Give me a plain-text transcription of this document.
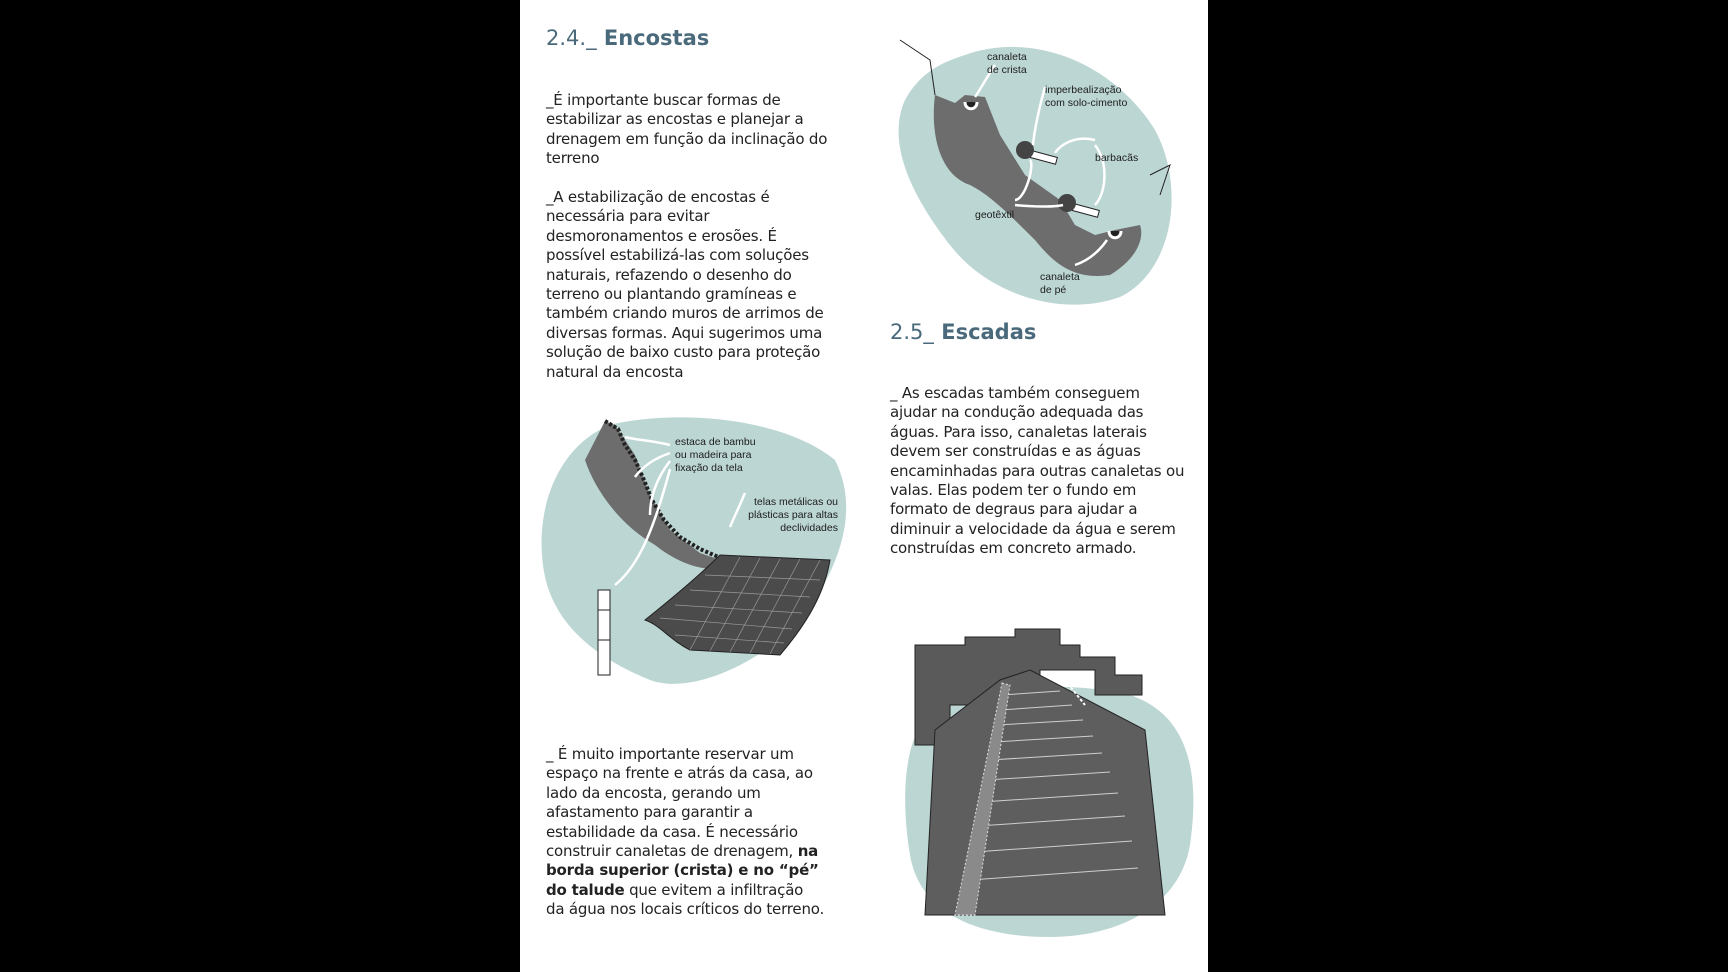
2.4._ Encostas

_É importante buscar formas de estabilizar as encostas e planejar a drenagem em função da inclinação do terreno

_A estabilização de encostas é necessária para evitar desmoronamentos e erosões. É possível estabilizá-las com soluções naturais, refazendo o desenho do terreno ou plantando gramíneas e também criando muros de arrimos de diversas formas. Aqui sugerimos uma solução de baixo custo para proteção natural da encosta

estaca de bambu
ou madeira para
fixação da tela
telas metálicas ou
plásticas para altas
declividades

_ É muito importante reservar um espaço na frente e atrás da casa, ao lado da encosta, gerando um afastamento para garantir a estabilidade da casa. É necessário construir canaletas de drenagem, na borda superior (crista) e no “pé” do talude que evitem a infiltração da água nos locais críticos do terreno.

canaleta
de crista
imperbealização
com solo-cimento
barbacãs
geotêxtil
canaleta
de pé
2.5_ Escadas

_ As escadas também conseguem ajudar na condução adequada das águas. Para isso, canaletas laterais devem ser construídas e as águas encaminhadas para outras canaletas ou valas. Elas podem ter o fundo em formato de degraus para ajudar a diminuir a velocidade da água e serem construídas em concreto armado.
